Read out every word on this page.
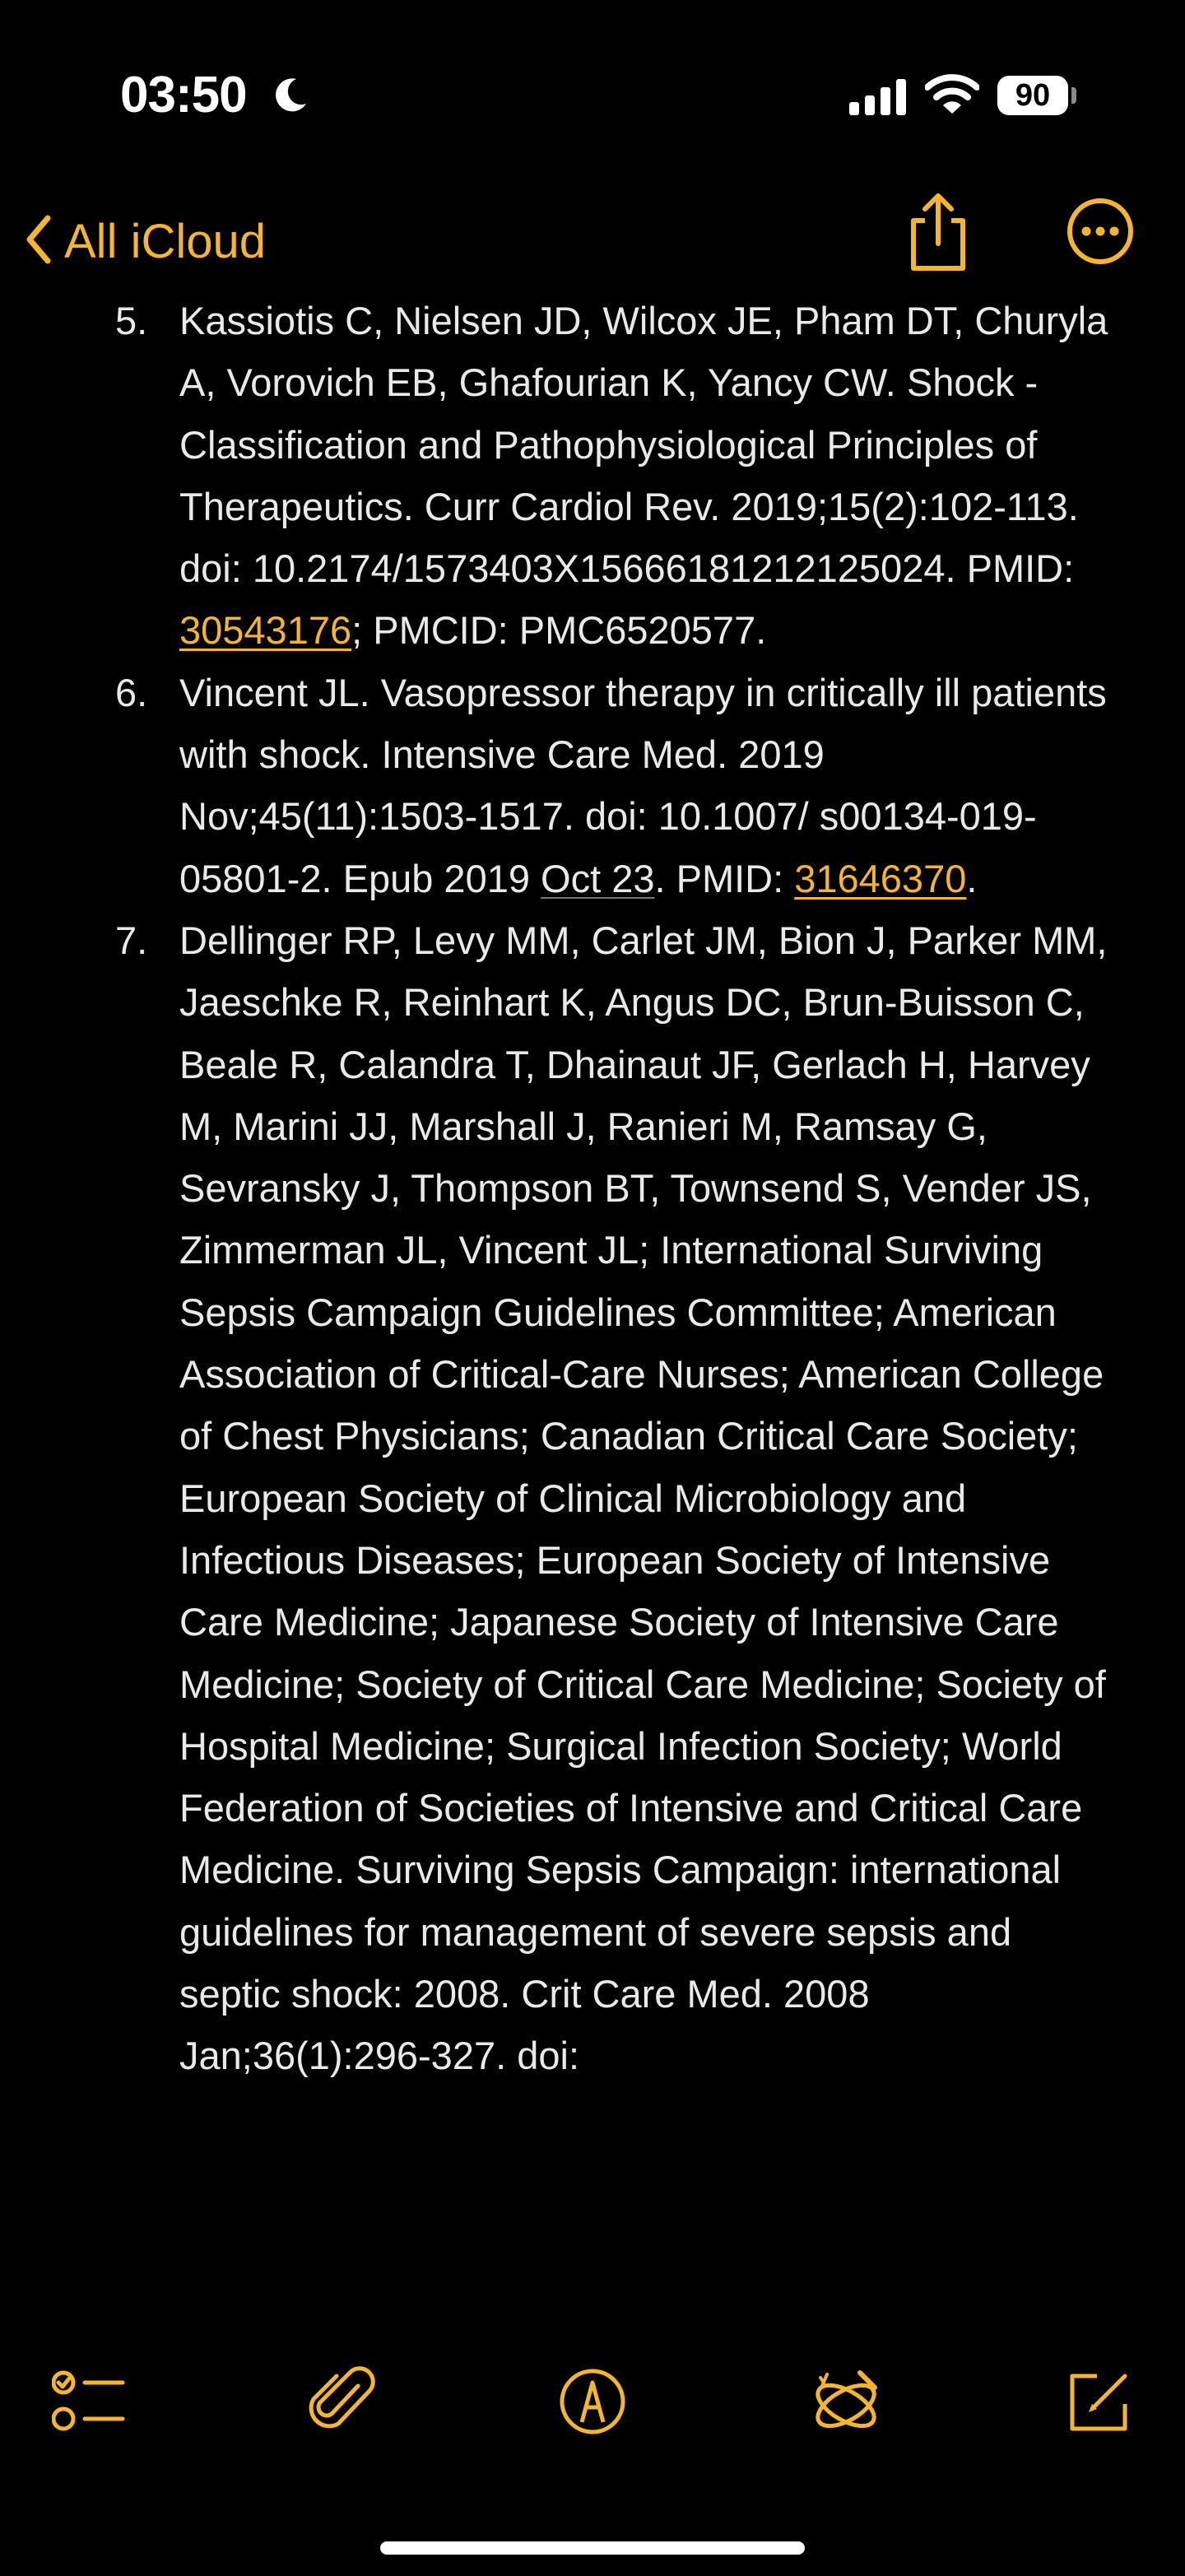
03:50	90
All iCloud
5. Kassiotis C, Nielsen JD, Wilcox JE, Pham DT, Churyla A, Vorovich EB, Ghafourian K, Yancy CW. Shock - Classification and Pathophysiological Principles of Therapeutics. Curr Cardiol Rev. 2019;15(2):102-113. doi: 10.2174/1573403X15666181212125024. PMID: 30543176; PMCID: PMC6520577.
6. Vincent JL. Vasopressor therapy in critically ill patients with shock. Intensive Care Med. 2019 Nov;45(11):1503-1517. doi: 10.1007/ s00134-019-05801-2. Epub 2019 Oct 23. PMID: 31646370.
7. Dellinger RP, Levy MM, Carlet JM, Bion J, Parker MM, Jaeschke R, Reinhart K, Angus DC, Brun-Buisson C, Beale R, Calandra T, Dhainaut JF, Gerlach H, Harvey M, Marini JJ, Marshall J, Ranieri M, Ramsay G, Sevransky J, Thompson BT, Townsend S, Vender JS, Zimmerman JL, Vincent JL; International Surviving Sepsis Campaign Guidelines Committee; American Association of Critical-Care Nurses; American College of Chest Physicians; Canadian Critical Care Society; European Society of Clinical Microbiology and Infectious Diseases; European Society of Intensive Care Medicine; Japanese Society of Intensive Care Medicine; Society of Critical Care Medicine; Society of Hospital Medicine; Surgical Infection Society; World Federation of Societies of Intensive and Critical Care Medicine. Surviving Sepsis Campaign: international guidelines for management of severe sepsis and septic shock: 2008. Crit Care Med. 2008 Jan;36(1):296-327. doi:
